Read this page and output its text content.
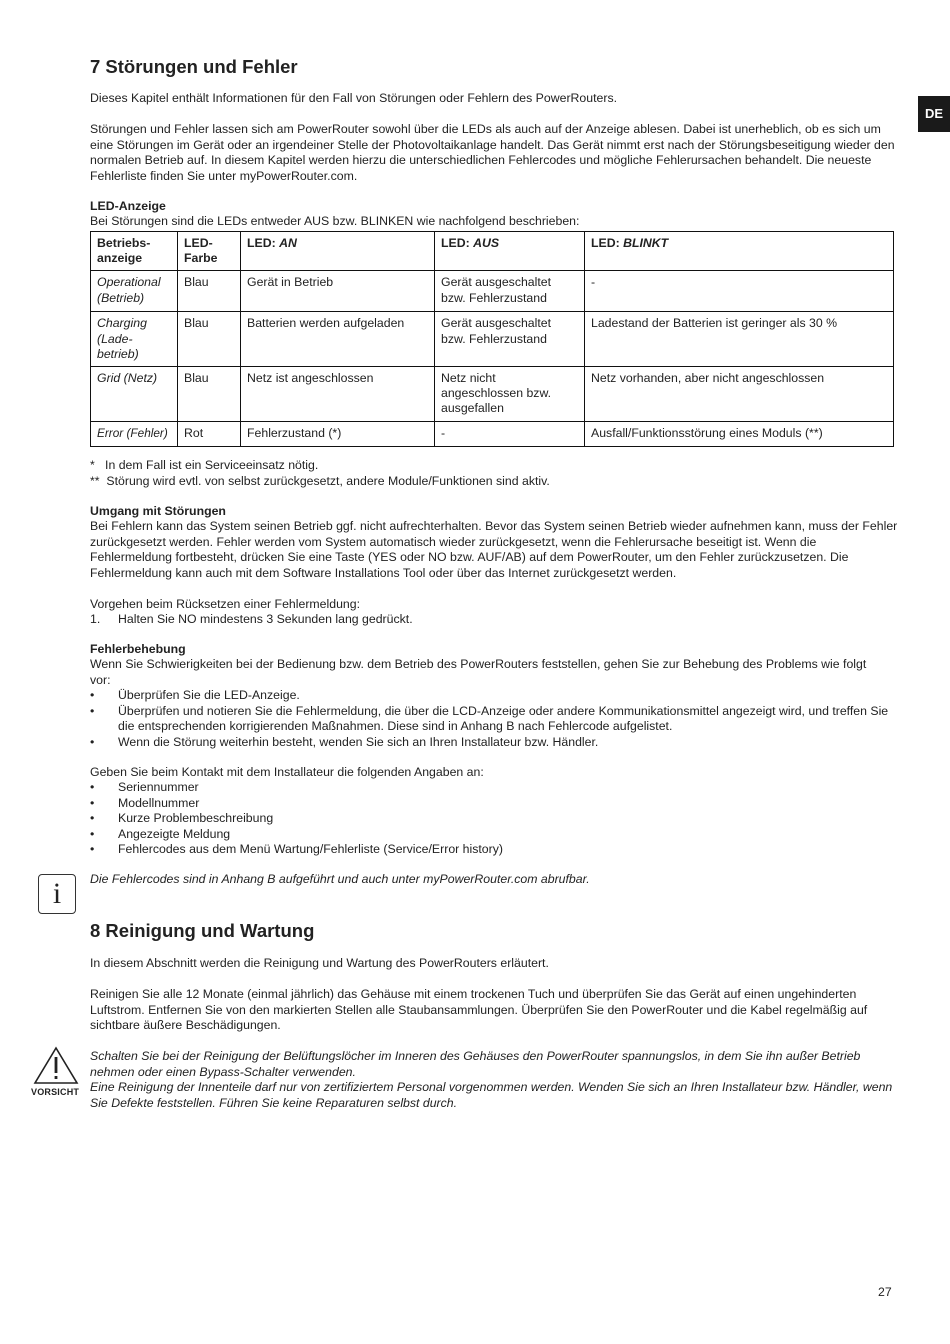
DE
7 Störungen und Fehler

Dieses Kapitel enthält Informationen für den Fall von Störungen oder Fehlern des PowerRouters.

Störungen und Fehler lassen sich am PowerRouter sowohl über die LEDs als auch auf der Anzeige ablesen. Dabei ist unerheblich, ob es sich um eine Störungen im Gerät oder an irgendeiner Stelle der Photovoltaikanlage handelt. Das Gerät nimmt erst nach der Störungsbeseitigung wieder den normalen Betrieb auf. In diesem Kapitel werden hierzu die unterschiedlichen Fehlercodes und mögliche Fehlerursachen behandelt. Die neueste Fehlerliste finden Sie unter myPowerRouter.com.

LED-Anzeige

Bei Störungen sind die LEDs entweder AUS bzw. BLINKEN wie nachfolgend beschrieben:

Betriebs-anzeige	LED-Farbe	LED: AN	LED: AUS	LED: BLINKT
Operational (Betrieb)	Blau	Gerät in Betrieb	Gerät ausgeschaltet bzw. Fehlerzustand	-
Charging (Lade-betrieb)	Blau	Batterien werden aufgeladen	Gerät ausgeschaltet bzw. Fehlerzustand	Ladestand der Batterien ist geringer als 30 %
Grid (Netz)	Blau	Netz ist angeschlossen	Netz nicht angeschlossen bzw. ausgefallen	Netz vorhanden, aber nicht angeschlossen
Error (Fehler)	Rot	Fehlerzustand (*)	-	Ausfall/Funktionsstörung eines Moduls (**)

*   In dem Fall ist ein Serviceeinsatz nötig.

**  Störung wird evtl. von selbst zurückgesetzt, andere Module/Funktionen sind aktiv.

Umgang mit Störungen

Bei Fehlern kann das System seinen Betrieb ggf. nicht aufrechterhalten. Bevor das System seinen Betrieb wieder aufnehmen kann, muss der Fehler zurückgesetzt werden. Fehler werden vom System automatisch wieder zurückgesetzt, wenn die Fehlerursache beseitigt ist. Wenn die Fehlermeldung fortbesteht, drücken Sie eine Taste (YES oder NO bzw. AUF/AB) auf dem PowerRouter, um den Fehler zurückzusetzen. Die Fehlermeldung kann auch mit dem Software Installations Tool oder über das Internet zurückgesetzt werden.

Vorgehen beim Rücksetzen einer Fehlermeldung:

1. Halten Sie NO mindestens 3 Sekunden lang gedrückt.

Fehlerbehebung

Wenn Sie Schwierigkeiten bei der Bedienung bzw. dem Betrieb des PowerRouters feststellen, gehen Sie zur Behebung des Problems wie folgt vor:

• Überprüfen Sie die LED-Anzeige.
• Überprüfen und notieren Sie die Fehlermeldung, die über die LCD-Anzeige oder andere Kommunikationsmittel angezeigt wird, und treffen Sie die entsprechenden korrigierenden Maßnahmen. Diese sind in Anhang B nach Fehlercode aufgelistet.
• Wenn die Störung weiterhin besteht, wenden Sie sich an Ihren Installateur bzw. Händler.

Geben Sie beim Kontakt mit dem Installateur die folgenden Angaben an:

• Seriennummer
• Modellnummer
• Kurze Problembeschreibung
• Angezeigte Meldung
• Fehlercodes aus dem Menü Wartung/Fehlerliste (Service/Error history)
i	Die Fehlercodes sind in Anhang B aufgeführt und auch unter myPowerRouter.com abrufbar.

8 Reinigung und Wartung

In diesem Abschnitt werden die Reinigung und Wartung des PowerRouters erläutert.

Reinigen Sie alle 12 Monate (einmal jährlich) das Gehäuse mit einem trockenen Tuch und überprüfen Sie das Gerät auf einen ungehinderten Luftstrom. Entfernen Sie von den markierten Stellen alle Staubansammlungen. Überprüfen Sie den PowerRouter und die Kabel regelmäßig auf sichtbare äußere Beschädigungen.

VORSICHT

Schalten Sie bei der Reinigung der Belüftungslöcher im Inneren des Gehäuses den PowerRouter spannungslos, in dem Sie ihn außer Betrieb nehmen oder einen Bypass-Schalter verwenden.

Eine Reinigung der Innenteile darf nur von zertifiziertem Personal vorgenommen werden. Wenden Sie sich an Ihren Installateur bzw. Händler, wenn Sie Defekte feststellen. Führen Sie keine Reparaturen selbst durch.

27
